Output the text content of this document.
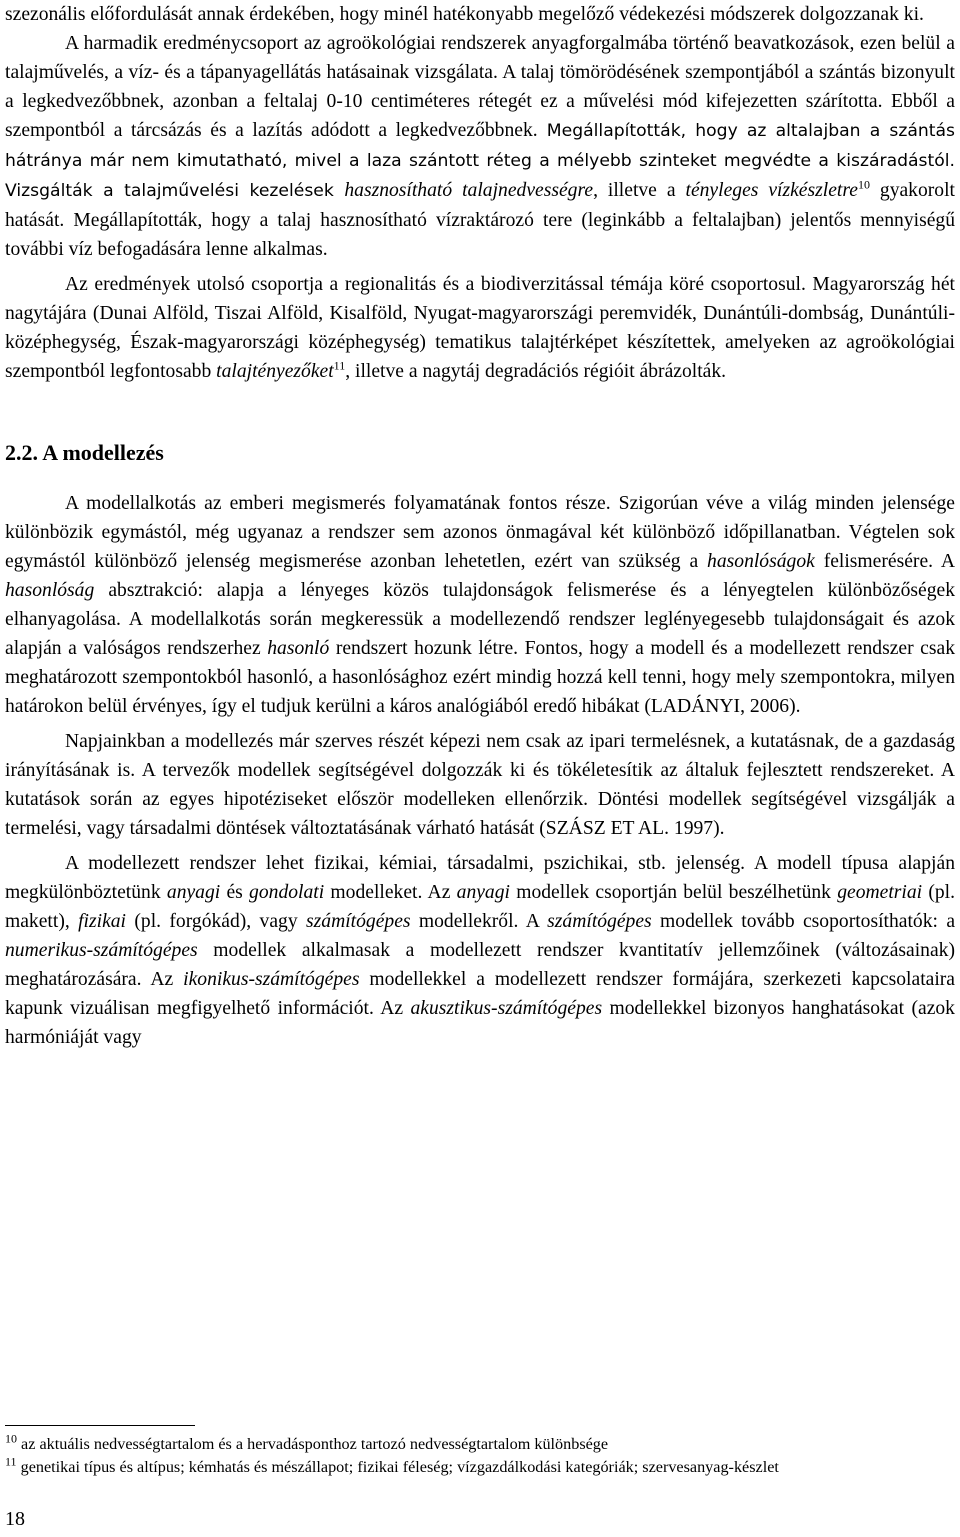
szezonális előfordulását annak érdekében, hogy minél hatékonyabb megelőző védekezési módszerek dolgozzanak ki.

A harmadik eredménycsoport az agroökológiai rendszerek anyagforgalmába történő beavatkozások, ezen belül a talajművelés, a víz- és a tápanyagellátás hatásainak vizsgálata. A talaj tömörödésének szempontjából a szántás bizonyult a legkedvezőbbnek, azonban a feltalaj 0-10 centiméteres rétegét ez a művelési mód kifejezetten szárította. Ebből a szempontból a tárcsázás és a lazítás adódott a legkedvezőbbnek. Megállapították, hogy az altalajban a szántás hátránya már nem kimutatható, mivel a laza szántott réteg a mélyebb szinteket megvédte a kiszáradástól. Vizsgálták a talajművelési kezelések hasznosítható talajnedvességre, illetve a tényleges vízkészletre$^{10}$ gyakorolt hatását. Megállapították, hogy a talaj hasznosítható vízraktározó tere (leginkább a feltalajban) jelentős mennyiségű további víz befogadására lenne alkalmas.

Az eredmények utolsó csoportja a regionalitás és a biodiverzitással témája köré csoportosul. Magyarország hét nagytájára (Dunai Alföld, Tiszai Alföld, Kisalföld, Nyugat-magyarországi peremvidék, Dunántúli-dombság, Dunántúli-középhegység, Észak-magyarországi középhegység) tematikus talajtérképet készítettek, amelyeken az agroökológiai szempontból legfontosabb talajtényezőket$^{11}$, illetve a nagytáj degradációs régióit ábrázolták.

2.2. A modellezés

A modellalkotás az emberi megismerés folyamatának fontos része. Szigorúan véve a világ minden jelensége különbözik egymástól, még ugyanaz a rendszer sem azonos önmagával két különböző időpillanatban. Végtelen sok egymástól különböző jelenség megismerése azonban lehetetlen, ezért van szükség a hasonlóságok felismerésére. A hasonlóság absztrakció: alapja a lényeges közös tulajdonságok felismerése és a lényegtelen különbözőségek elhanyagolása. A modellalkotás során megkeressük a modellezendő rendszer leglényegesebb tulajdonságait és azok alapján a valóságos rendszerhez hasonló rendszert hozunk létre. Fontos, hogy a modell és a modellezett rendszer csak meghatározott szempontokból hasonló, a hasonlósághoz ezért mindig hozzá kell tenni, hogy mely szempontokra, milyen határokon belül érvényes, így el tudjuk kerülni a káros analógiából eredő hibákat (LADÁNYI, 2006).

Napjainkban a modellezés már szerves részét képezi nem csak az ipari termelésnek, a kutatásnak, de a gazdaság irányításának is. A tervezők modellek segítségével dolgozzák ki és tökéletesítik az általuk fejlesztett rendszereket. A kutatások során az egyes hipotéziseket először modelleken ellenőrzik. Döntési modellek segítségével vizsgálják a termelési, vagy társadalmi döntések változtatásának várható hatását (SZÁSZ ET AL. 1997).

A modellezett rendszer lehet fizikai, kémiai, társadalmi, pszichikai, stb. jelenség. A modell típusa alapján megkülönböztetünk anyagi és gondolati modelleket. Az anyagi modellek csoportján belül beszélhetünk geometriai (pl. makett), fizikai (pl. forgókád), vagy számítógépes modellekről. A számítógépes modellek tovább csoportosíthatók: a numerikus-számítógépes modellek alkalmasak a modellezett rendszer kvantitatív jellemzőinek (változásainak) meghatározására. Az ikonikus-számítógépes modellekkel a modellezett rendszer formájára, szerkezeti kapcsolataira kapunk vizuálisan megfigyelhető információt. Az akusztikus-számítógépes modellekkel bizonyos hanghatásokat (azok harmóniáját vagy

$^{10}$ az aktuális nedvességtartalom és a hervadásponthoz tartozó nedvességtartalom különbsége

$^{11}$ genetikai típus és altípus; kémhatás és mészállapot; fizikai féleség; vízgazdálkodási kategóriák; szervesanyag-készlet

18
